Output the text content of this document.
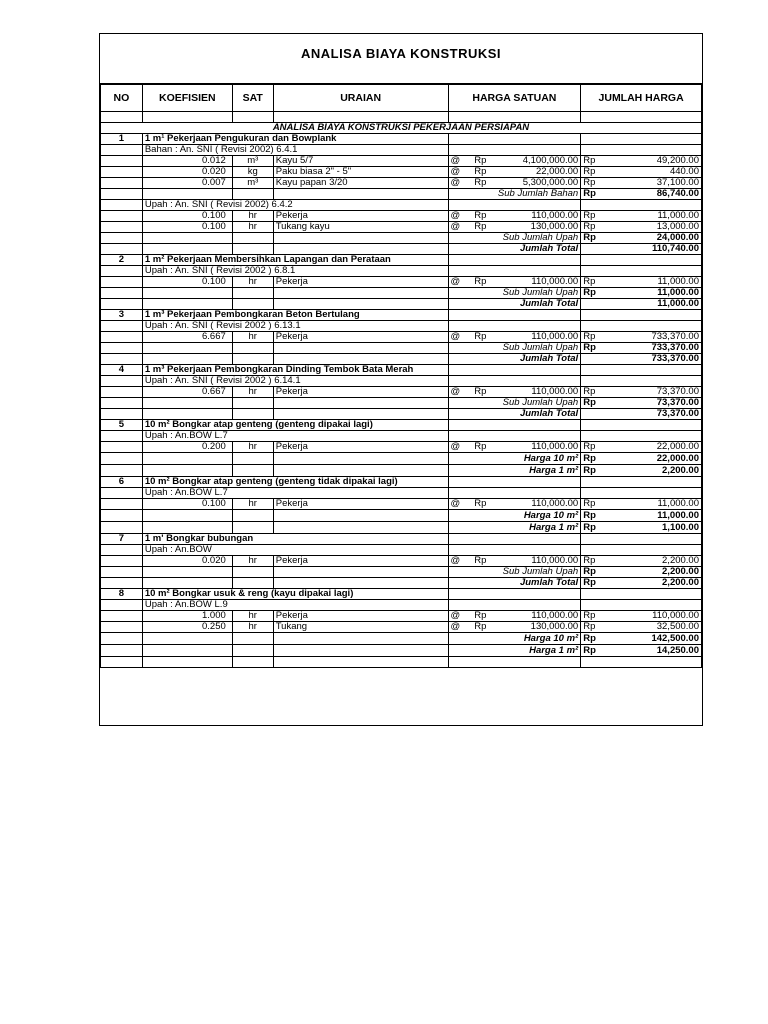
ANALISA BIAYA KONSTRUKSI
NO	KOEFISIEN	SAT	URAIAN	HARGA SATUAN	JUMLAH HARGA

ANALISA BIAYA KONSTRUKSI PEKERJAAN PERSIAPAN					
1	1 m¹ Pekerjaan Pengukuran dan Bowplank				
	Bahan : An. SNI ( Revisi 2002) 6.4.1				
	0.012	m³	Kayu 5/7	@ Rp 4,100,000.00	Rp 49,200.00

	0.020	kg	Paku biasa 2" - 5"	@ Rp 22,000.00	Rp 440.00

	0.007	m³	Kayu papan 3/20	@ Rp 5,300,000.00	Rp 37,100.00

				Sub Jumlah Bahan	Rp 86,740.00

	Upah : An. SNI ( Revisi 2002) 6.4.2				
	0.100	hr	Pekerja	@ Rp 110,000.00	Rp 11,000.00

	0.100	hr	Tukang kayu	@ Rp 130,000.00	Rp 13,000.00

				Sub Jumlah Upah	Rp 24,000.00

				Jumlah Total	110,740.00

2	1 m² Pekerjaan Membersihkan Lapangan dan Perataan				
	Upah : An. SNI ( Revisi 2002 ) 6.8.1				
	0.100	hr	Pekerja	@ Rp 110,000.00	Rp 11,000.00

				Sub Jumlah Upah	Rp 11,000.00

				Jumlah Total	11,000.00

3	1 m³ Pekerjaan Pembongkaran Beton Bertulang				
	Upah : An. SNI ( Revisi 2002 ) 6.13.1				
	6.667	hr	Pekerja	@ Rp 110,000.00	Rp 733,370.00

				Sub Jumlah Upah	Rp 733,370.00

				Jumlah Total	733,370.00

4	1 m³ Pekerjaan Pembongkaran Dinding Tembok Bata Merah				
	Upah : An. SNI ( Revisi 2002 ) 6.14.1				
	0.667	hr	Pekerja	@ Rp 110,000.00	Rp 73,370.00

				Sub Jumlah Upah	Rp 73,370.00

				Jumlah Total	73,370.00

5	10 m² Bongkar atap genteng (genteng dipakai lagi)				
	Upah : An.BOW L.7				
	0.200	hr	Pekerja	@ Rp 110,000.00	Rp 22,000.00

				Harga 10 m²	Rp 22,000.00

				Harga 1 m²	Rp 2,200.00

6	10 m² Bongkar atap genteng (genteng tidak dipakai lagi)				
	Upah : An.BOW L.7				
	0.100	hr	Pekerja	@ Rp 110,000.00	Rp 11,000.00

				Harga 10 m²	Rp 11,000.00

				Harga 1 m²	Rp 1,100.00

7	1 m' Bongkar bubungan				
	Upah : An.BOW				
	0.020	hr	Pekerja	@ Rp 110,000.00	Rp 2,200.00

				Sub Jumlah Upah	Rp 2,200.00

				Jumlah Total	Rp 2,200.00

8	10 m² Bongkar usuk & reng (kayu dipakai lagi)				
	Upah : An.BOW L.9				
	1.000	hr	Pekerja	@ Rp 110,000.00	Rp 110,000.00

	0.250	hr	Tukang	@ Rp 130,000.00	Rp 32,500.00

				Harga 10 m²	Rp 142,500.00

				Harga 1 m²	Rp 14,250.00
